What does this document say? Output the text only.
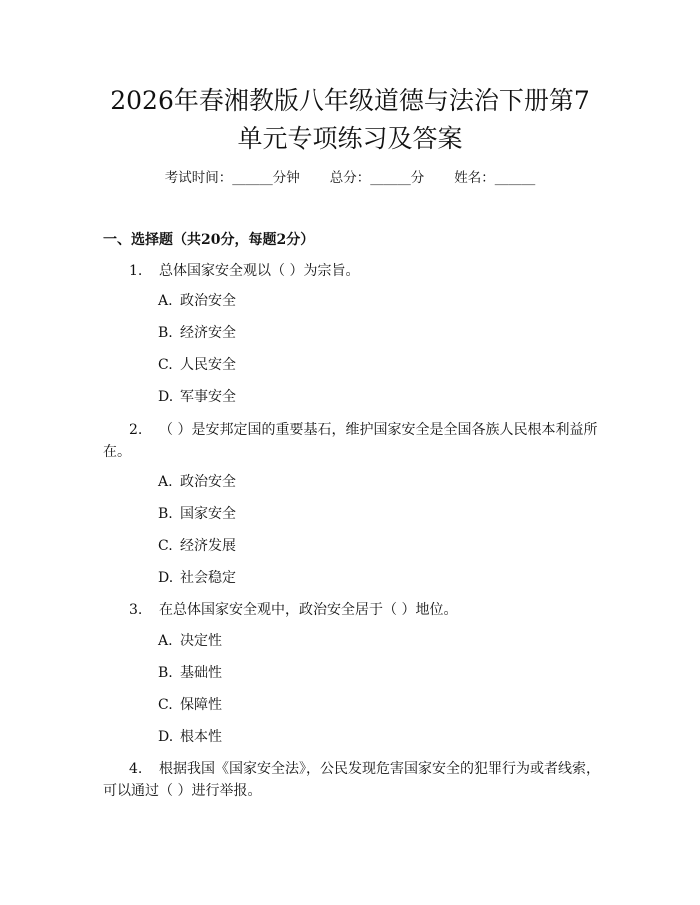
2026年春湘教版八年级道德与法治下册第7
单元专项练习及答案
考试时间：______分钟 总分：______分 姓名：______
一、选择题（共20分，每题2分）
1. 总体国家安全观以（ ）为宗旨。
A. 政治安全
B. 经济安全
C. 人民安全
D. 军事安全
2. （ ）是安邦定国的重要基石，维护国家安全是全国各族人民根本利益所在。
A. 政治安全
B. 国家安全
C. 经济发展
D. 社会稳定
3. 在总体国家安全观中，政治安全居于（ ）地位。
A. 决定性
B. 基础性
C. 保障性
D. 根本性
4. 根据我国《国家安全法》，公民发现危害国家安全的犯罪行为或者线索，可以通过（ ）进行举报。
